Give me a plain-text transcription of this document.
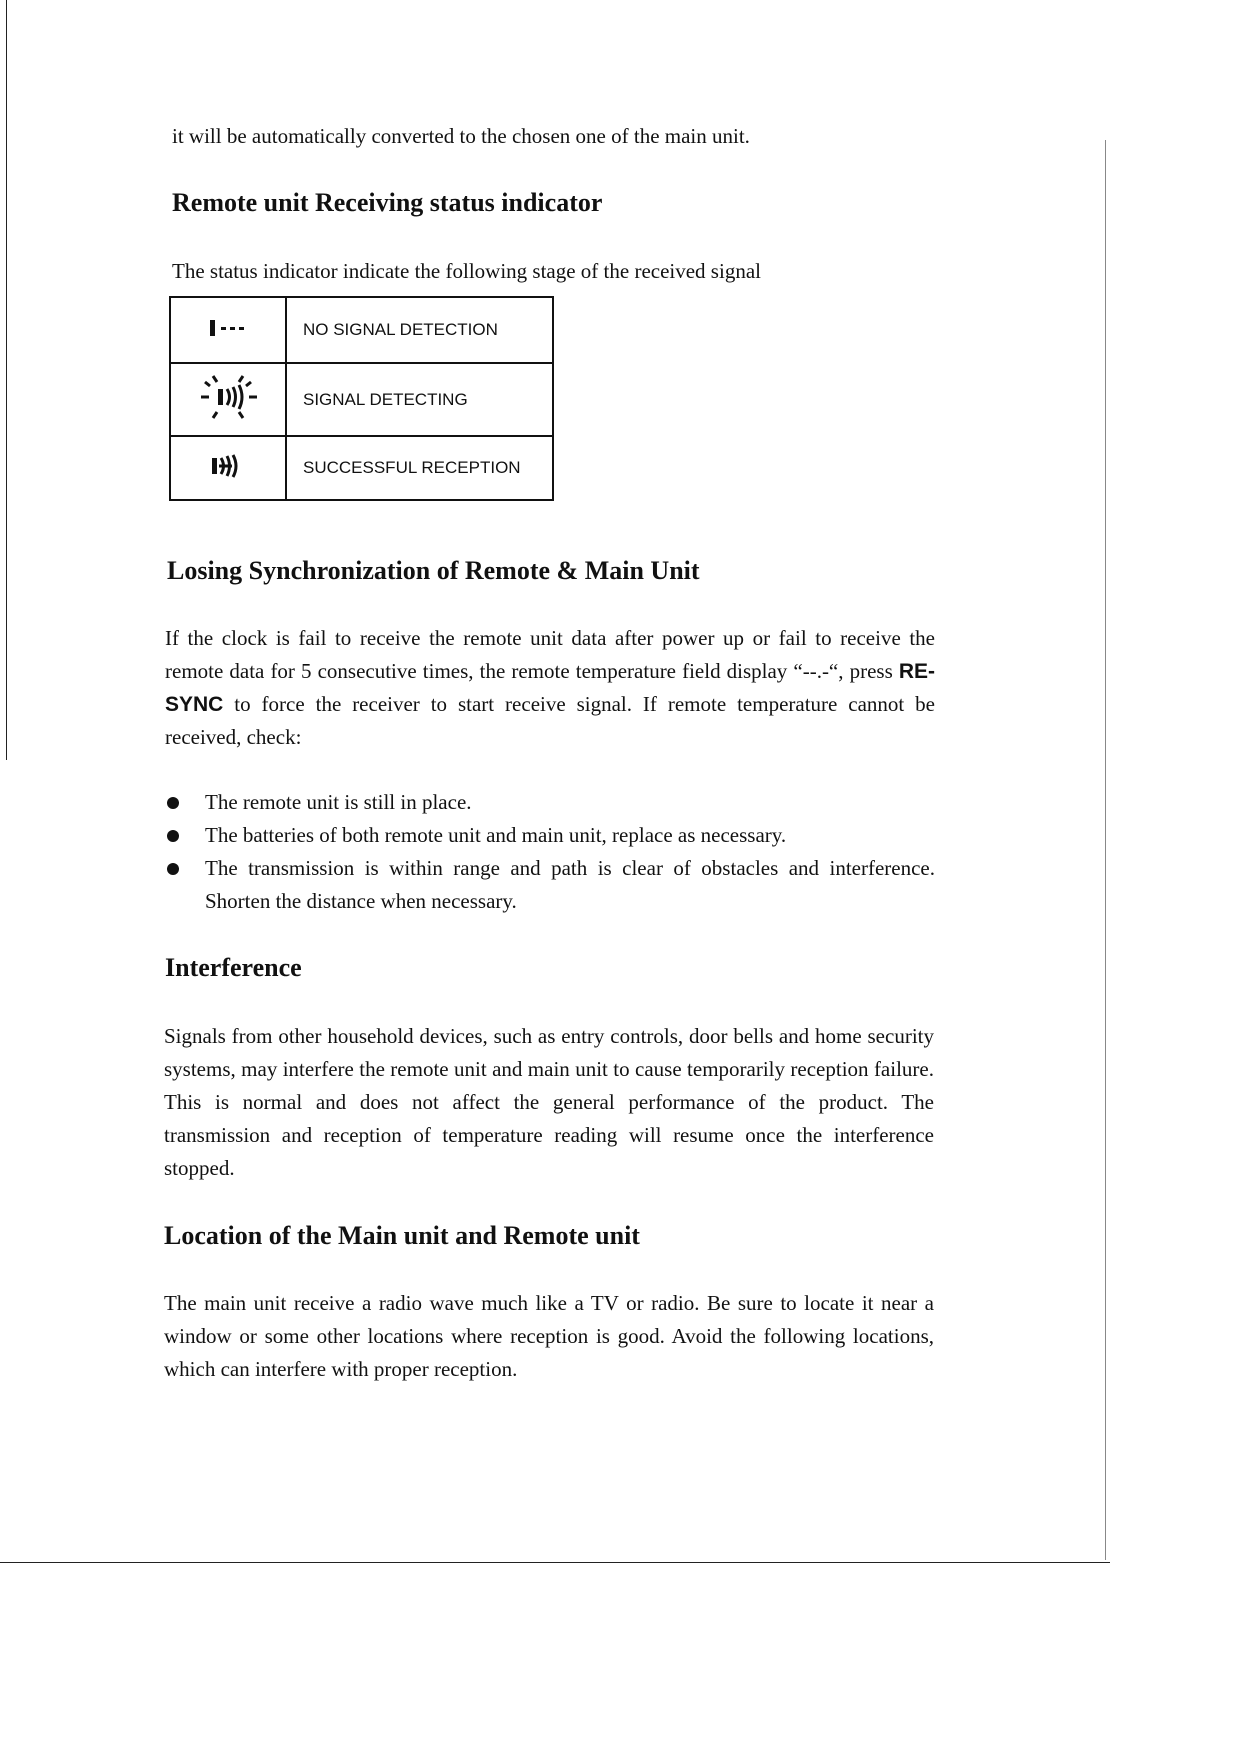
it will be automatically converted to the chosen one of the main unit.

Remote unit Receiving status indicator

The status indicator indicate the following stage of the received signal

	NO SIGNAL DETECTION
	SIGNAL DETECTING
	SUCCESSFUL RECEPTION
Losing Synchronization of Remote & Main Unit

If the clock is fail to receive the remote unit data after power up or fail to receive the remote data for 5 consecutive times, the remote temperature field display “--.-“, press RE-SYNC to force the receiver to start receive signal. If remote temperature cannot be received, check:

The remote unit is still in place.
The batteries of both remote unit and main unit, replace as necessary.
The transmission is within range and path is clear of obstacles and interference. Shorten the distance when necessary.
Interference

Signals from other household devices, such as entry controls, door bells and home security systems, may interfere the remote unit and main unit to cause temporarily reception failure. This is normal and does not affect the general performance of the product. The transmission and reception of temperature reading will resume once the interference stopped.

Location of the Main unit and Remote unit

The main unit receive a radio wave much like a TV or radio. Be sure to locate it near a window or some other locations where reception is good. Avoid the following locations, which can interfere with proper reception.
